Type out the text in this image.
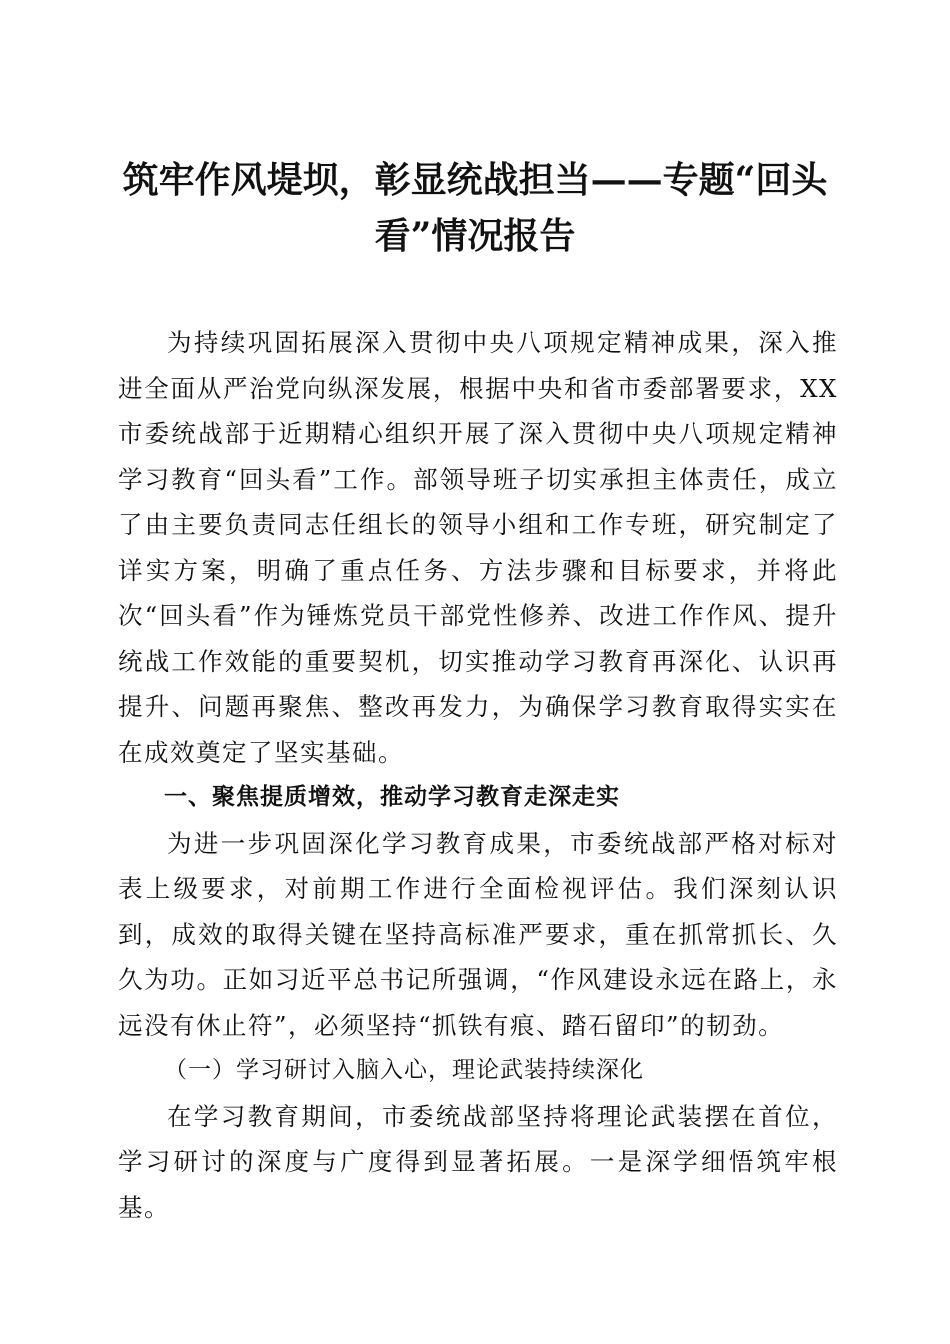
筑牢作风堤坝，彰显统战担当——专题“回头看”情况报告

为持续巩固拓展深入贯彻中央八项规定精神成果，深入推进全面从严治党向纵深发展，根据中央和省市委部署要求，XX市委统战部于近期精心组织开展了深入贯彻中央八项规定精神学习教育“回头看”工作。部领导班子切实承担主体责任，成立了由主要负责同志任组长的领导小组和工作专班，研究制定了详实方案，明确了重点任务、方法步骤和目标要求，并将此次“回头看”作为锤炼党员干部党性修养、改进工作作风、提升统战工作效能的重要契机，切实推动学习教育再深化、认识再提升、问题再聚焦、整改再发力，为确保学习教育取得实实在在成效奠定了坚实基础。

一、聚焦提质增效，推动学习教育走深走实

为进一步巩固深化学习教育成果，市委统战部严格对标对表上级要求，对前期工作进行全面检视评估。我们深刻认识到，成效的取得关键在坚持高标准严要求，重在抓常抓长、久久为功。正如习近平总书记所强调，“作风建设永远在路上，永远没有休止符”，必须坚持“抓铁有痕、踏石留印”的韧劲。

（一）学习研讨入脑入心，理论武装持续深化

在学习教育期间，市委统战部坚持将理论武装摆在首位，学习研讨的深度与广度得到显著拓展。一是深学细悟筑牢根基。
